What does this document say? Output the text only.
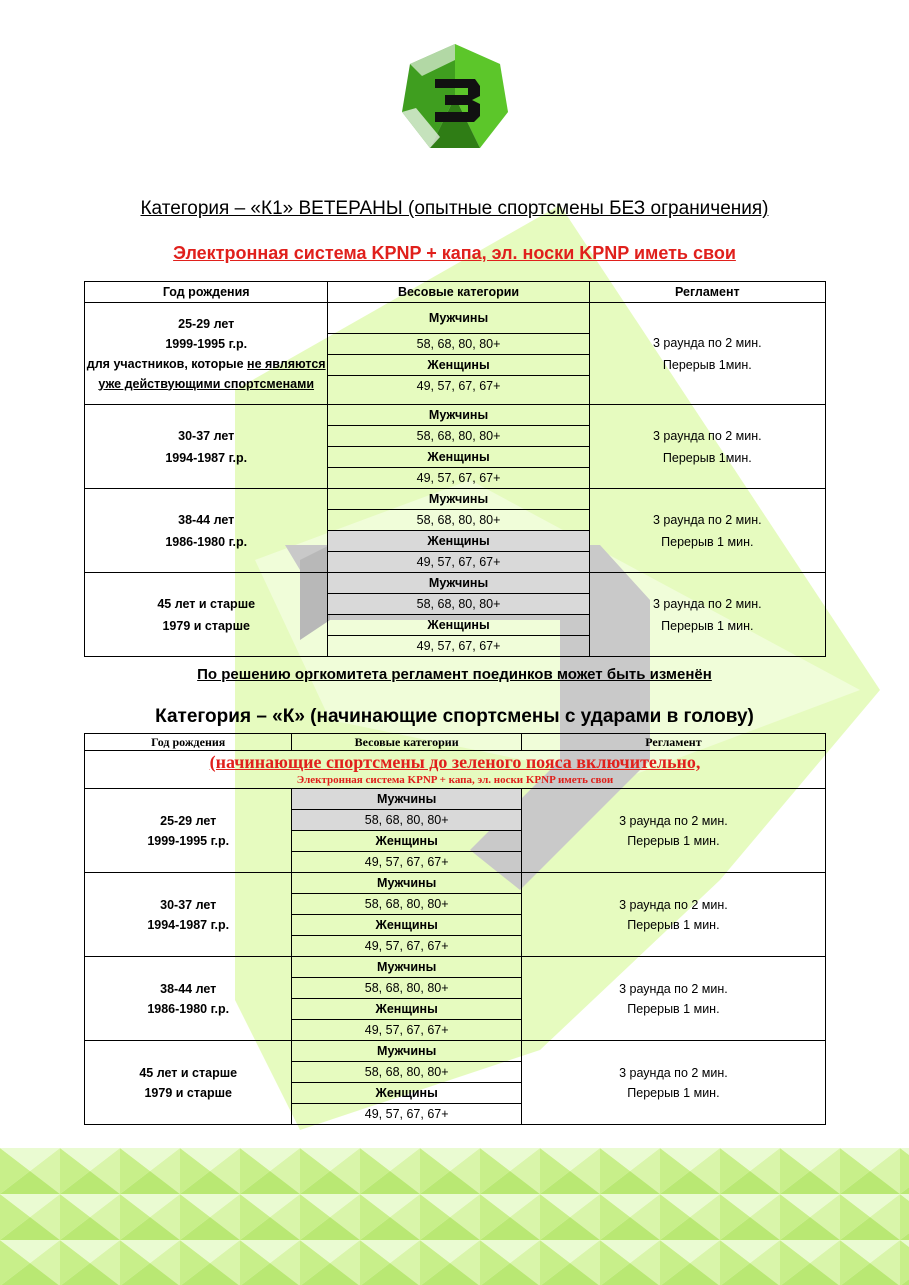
Категория – «К1» ВЕТЕРАНЫ (опытные спортсмены БЕЗ ограничения)
Электронная система KPNP + капа, эл. носки KPNP иметь свои
Год рождения	Весовые категории	Регламент
25-29 лет
1999-1995 г.р.
для участников, которые не являются уже действующими спортсменами	Мужчины	3 раунда по 2 мин.
Перерыв 1мин.
	58, 68, 80, 80+	
	Женщины	
	49, 57, 67, 67+	
30-37 лет
1994-1987 г.р.	Мужчины	3 раунда по 2 мин.
Перерыв 1мин.
	58, 68, 80, 80+	
	Женщины	
	49, 57, 67, 67+	
38-44 лет
1986-1980 г.р.	Мужчины	3 раунда по 2 мин.
Перерыв 1 мин.
	58, 68, 80, 80+	
	Женщины	
	49, 57, 67, 67+	
45 лет и старше
1979 и старше	Мужчины	3 раунда по 2 мин.
Перерыв 1 мин.
	58, 68, 80, 80+	
	Женщины	
	49, 57, 67, 67+	
По решению оргкомитета регламент поединков может быть изменён
Категория – «К» (начинающие спортсмены с ударами в голову)
Год рождения	Весовые категории	Регламент

(начинающие спортсмены до зеленого пояса включительно,
Электронная система KPNP + капа, эл. носки KPNP иметь свои		

25-29 лет
1999-1995 г.р.	Мужчины	3 раунда по 2 мин.
Перерыв 1 мин.
	58, 68, 80, 80+	
	Женщины	
	49, 57, 67, 67+	
30-37 лет
1994-1987 г.р.	Мужчины	3 раунда по 2 мин.
Перерыв 1 мин.
	58, 68, 80, 80+	
	Женщины	
	49, 57, 67, 67+	
38-44 лет
1986-1980 г.р.	Мужчины	3 раунда по 2 мин.
Перерыв 1 мин.
	58, 68, 80, 80+	
	Женщины	
	49, 57, 67, 67+	
45 лет и старше
1979 и старше	Мужчины	3 раунда по 2 мин.
Перерыв 1 мин.
	58, 68, 80, 80+	
	Женщины	
	49, 57, 67, 67+	
